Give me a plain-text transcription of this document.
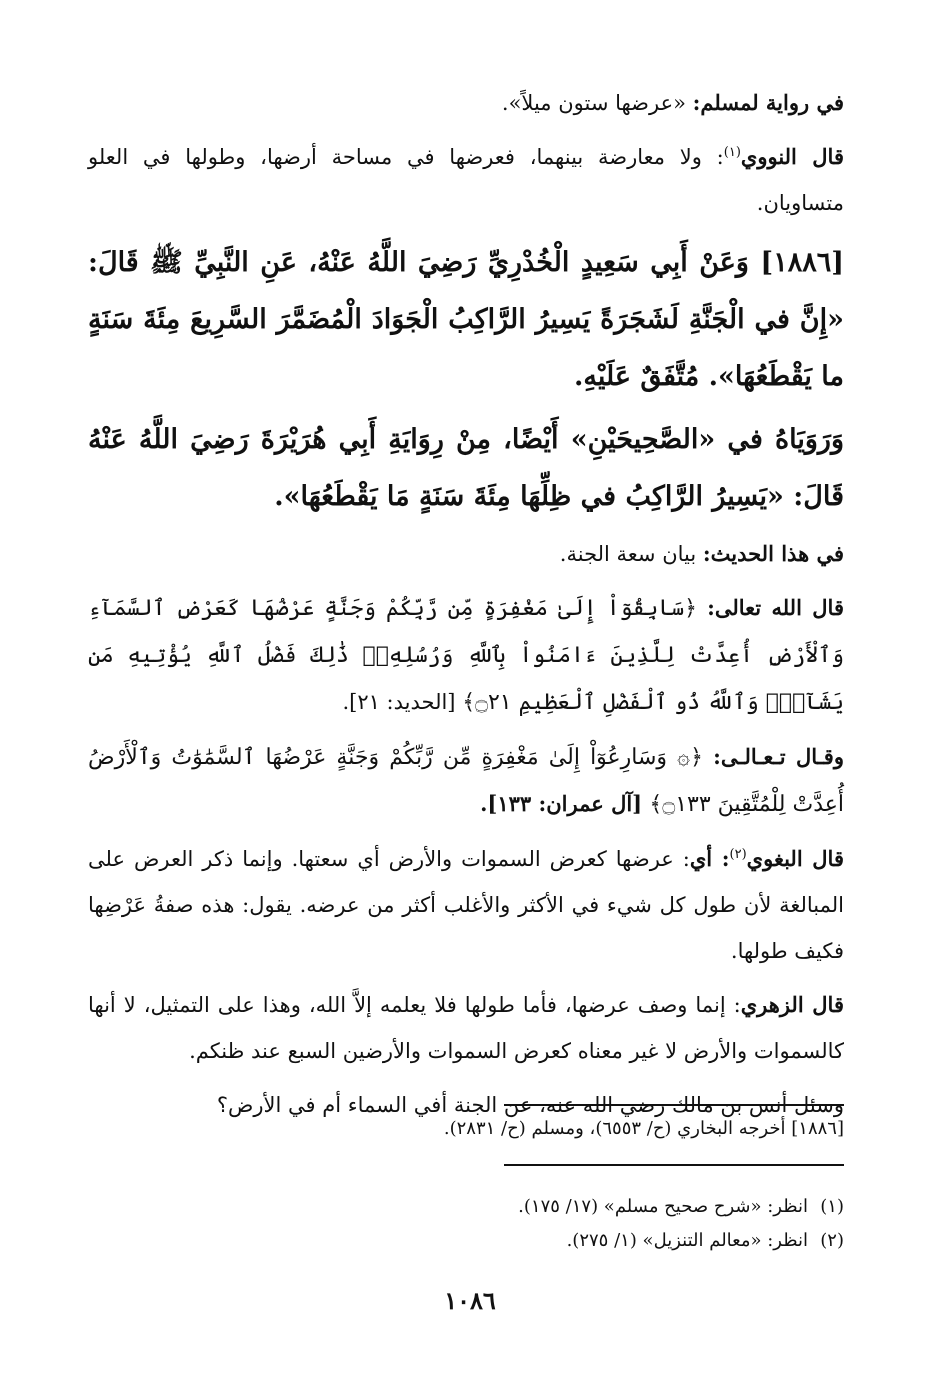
في رواية لمسلم: «عرضها ستون ميلاً».

قال النووي$^{(١)}$: ولا معارضة بينهما، فعرضها في مساحة أرضها، وطولها في العلو متساويان.

[١٨٨٦] وَعَنْ أَبِي سَعِيدٍ الْخُدْرِيِّ رَضِيَ اللَّهُ عَنْهُ، عَنِ النَّبِيِّ ﷺ قَالَ: «إِنَّ في الْجَنَّةِ لَشَجَرَةً يَسِيرُ الرَّاكِبُ الْجَوَادَ الْمُضَمَّرَ السَّرِيعَ مِئَةَ سَنَةٍ ما يَقْطَعُهَا». مُتَّفَقٌ عَلَيْهِ.

وَرَوَيَاهُ في «الصَّحِيحَيْنِ» أَيْضًا، مِنْ رِوَايَةِ أَبِي هُرَيْرَةَ رَضِيَ اللَّهُ عَنْهُ قَالَ: «يَسِيرُ الرَّاكِبُ في ظِلِّهَا مِئَةَ سَنَةٍ مَا يَقْطَعُهَا».

في هذا الحديث: بيان سعة الجنة.

قال الله تعالى: ﴿سَابِقُوٓاْ إِلَىٰ مَغْفِرَةٍ مِّن رَّبِّكُمْ وَجَنَّةٍ عَرْضُهَا كَعَرْضِ ٱلسَّمَآءِ وَٱلْأَرْضِ أُعِدَّتْ لِلَّذِينَ ءَامَنُواْ بِٱللَّهِ وَرُسُلِهِۦۚ ذَٰلِكَ فَضْلُ ٱللَّهِ يُؤْتِيهِ مَن يَشَآءُۚ وَٱللَّهُ ذُو ٱلْفَضْلِ ٱلْعَظِيمِ ۝٢١﴾ [الحديد: ٢١].

وقـال تـعـالـى: ﴿۞ وَسَارِعُوٓاْ إِلَىٰ مَغْفِرَةٍ مِّن رَّبِّكُمْ وَجَنَّةٍ عَرْضُهَا ٱلسَّمَٰوَٰتُ وَٱلْأَرْضُ أُعِدَّتْ لِلْمُتَّقِينَ ۝١٣٣﴾ [آل عمران: ١٣٣].

قال البغوي$^{(٢)}$: أي: عرضها كعرض السموات والأرض أي سعتها. وإنما ذكر العرض على المبالغة لأن طول كل شيء في الأكثر والأغلب أكثر من عرضه. يقول: هذه صفةُ عَرْضِها فكيف طولها.

قال الزهري: إنما وصف عرضها، فأما طولها فلا يعلمه إلاَّ الله، وهذا على التمثيل، لا أنها كالسموات والأرض لا غير معناه كعرض السموات والأرضين السبع عند ظنكم.

وسئل أنس بن مالك رضي الله عنه، عن الجنة أفي السماء أم في الأرض؟

[١٨٨٦] أخرجه البخاري (ح/ ٦٥٥٣)، ومسلم (ح/ ٢٨٣١).

(١)انظر: «شرح صحيح مسلم» (١٧/ ١٧٥).
(٢)انظر: «معالم التنزيل» (١/ ٢٧٥).
١٠٨٦
